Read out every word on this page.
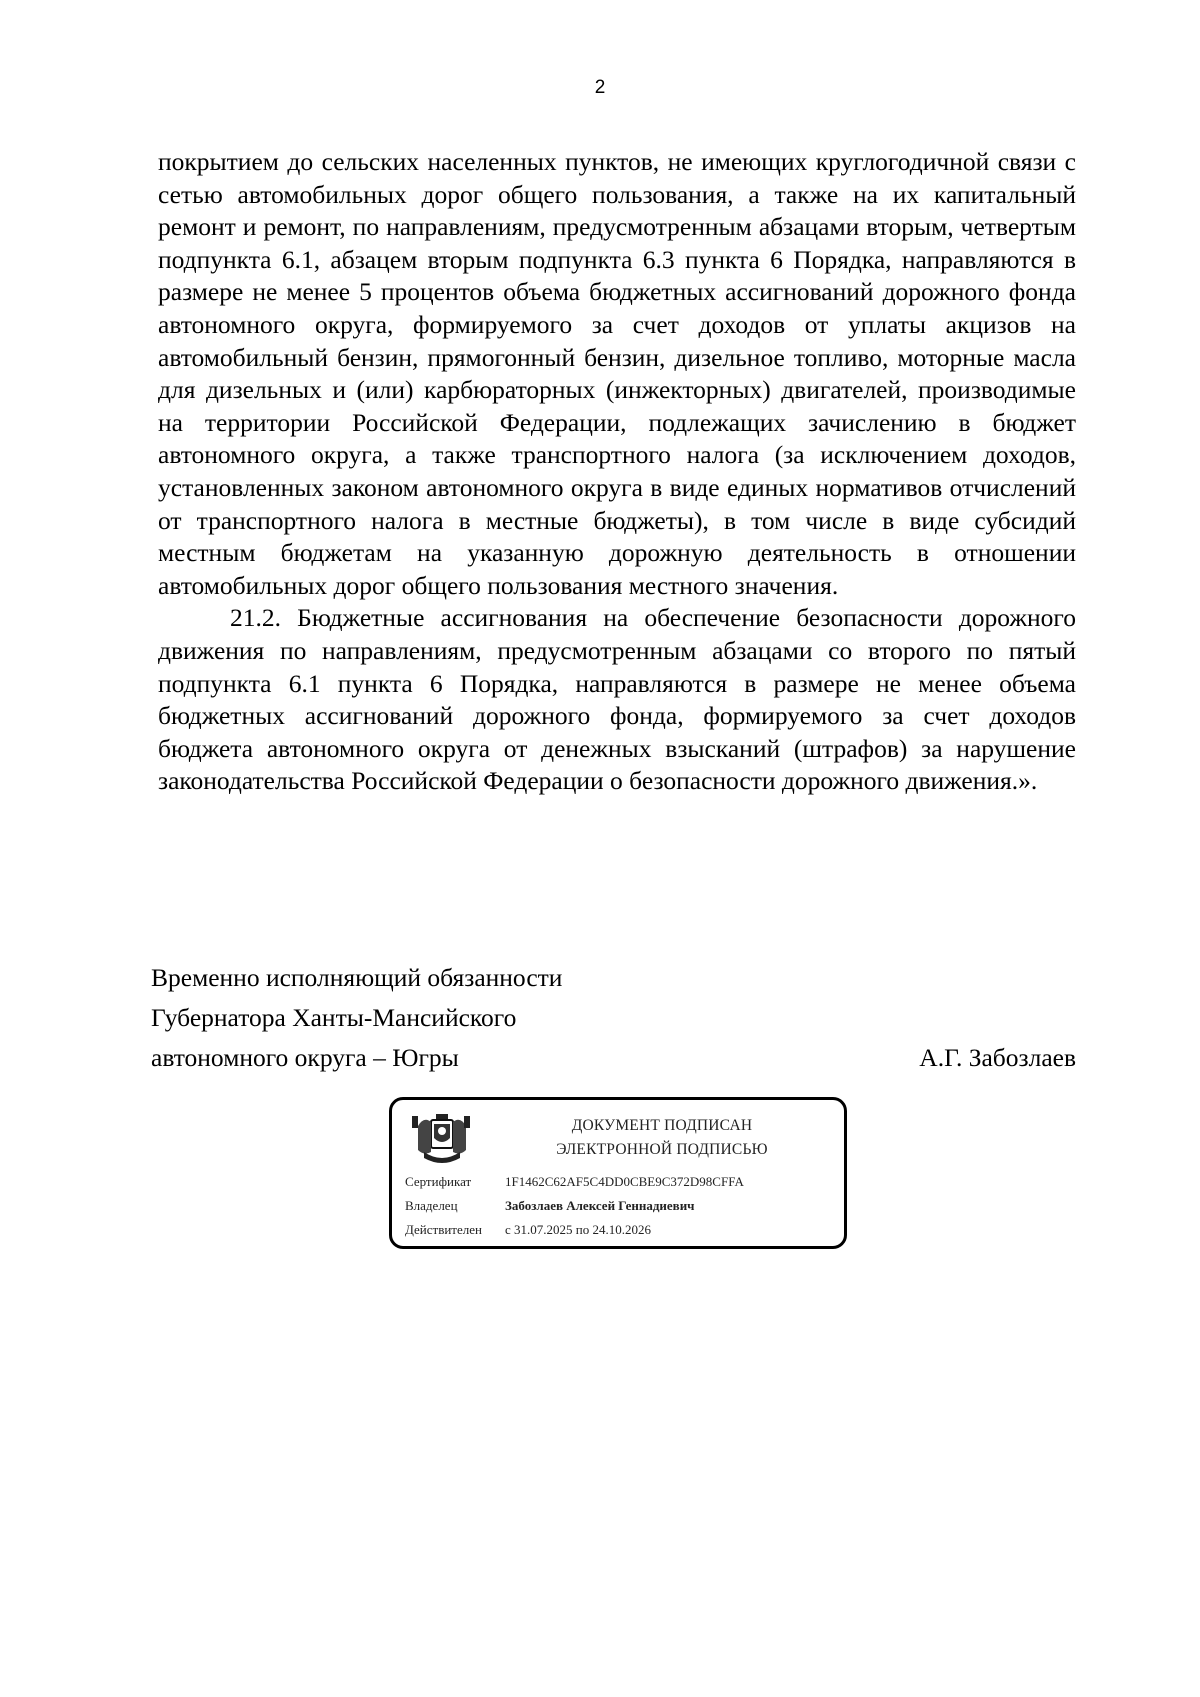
2

покрытием до сельских населенных пунктов, не имеющих круглогодичной связи с сетью автомобильных дорог общего пользования, а также на их капитальный ремонт и ремонт, по направлениям, предусмотренным абзацами вторым, четвертым подпункта 6.1, абзацем вторым подпункта 6.3 пункта 6 Порядка, направляются в размере не менее 5 процентов объема бюджетных ассигнований дорожного фонда автономного округа, формируемого за счет доходов от уплаты акцизов на автомобильный бензин, прямогонный бензин, дизельное топливо, моторные масла для дизельных и (или) карбюраторных (инжекторных) двигателей, производимые на территории Российской Федерации, подлежащих зачислению в бюджет автономного округа, а также транспортного налога (за исключением доходов, установленных законом автономного округа в виде единых нормативов отчислений от транспортного налога в местные бюджеты), в том числе в виде субсидий местным бюджетам на указанную дорожную деятельность в отношении автомобильных дорог общего пользования местного значения.

21.2. Бюджетные ассигнования на обеспечение безопасности дорожного движения по направлениям, предусмотренным абзацами со второго по пятый подпункта 6.1 пункта 6 Порядка, направляются в размере не менее объема бюджетных ассигнований дорожного фонда, формируемого за счет доходов бюджета автономного округа от денежных взысканий (штрафов) за нарушение законодательства Российской Федерации о безопасности дорожного движения.».

Временно исполняющий обязанности
Губернатора Ханты-Мансийского
автономного округа – Югры	А.Г. Забозлаев
ДОКУМЕНТ ПОДПИСАН
ЭЛЕКТРОННОЙ ПОДПИСЬЮ
Сертификат	1F1462C62AF5C4DD0CBE9C372D98CFFA
Владелец	Забозлаев Алексей Геннадиевич
Действителен	с 31.07.2025 по 24.10.2026
